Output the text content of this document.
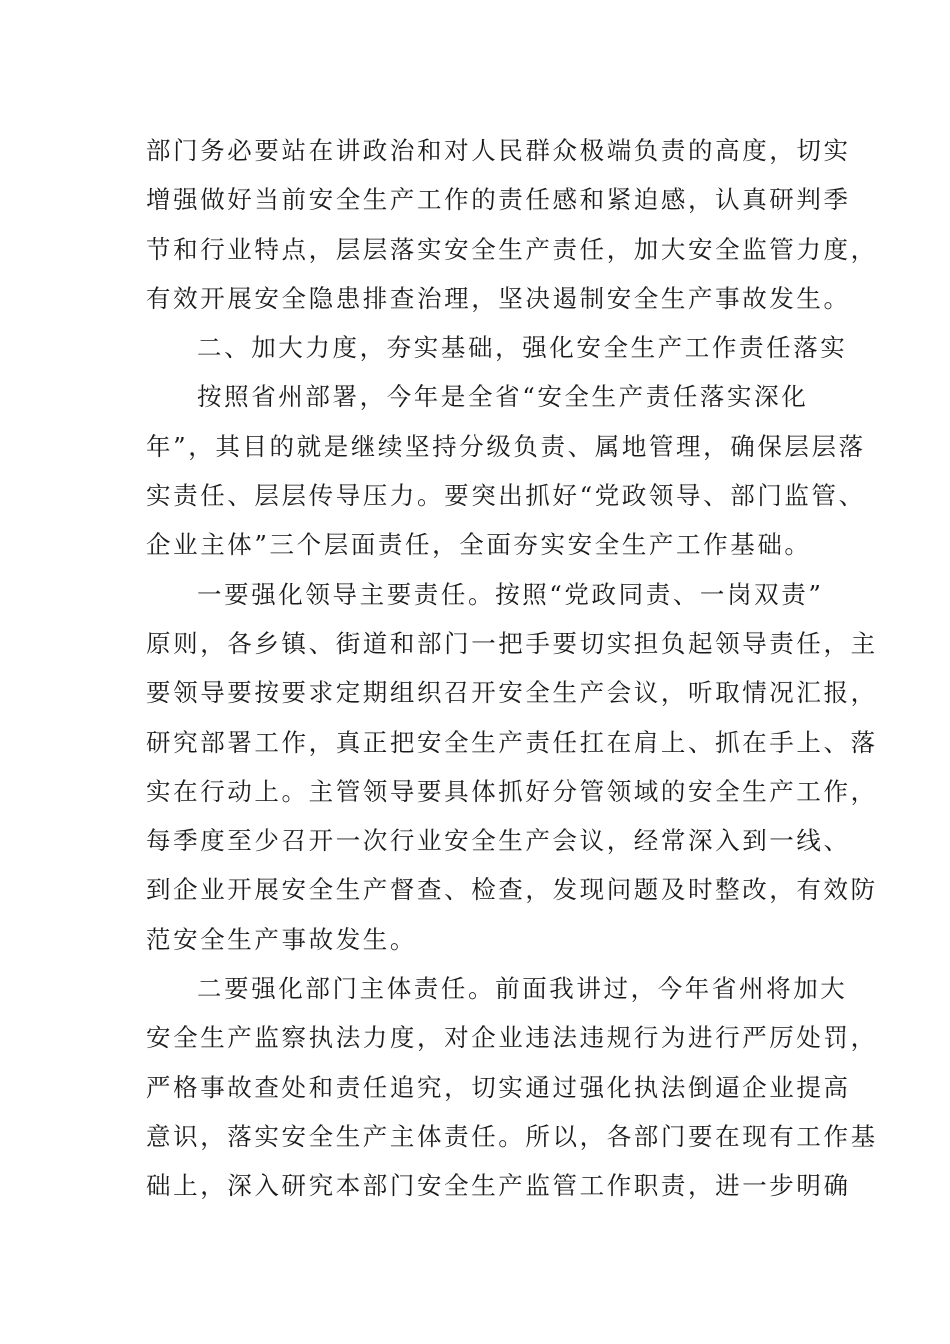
部门务必要站在讲政治和对人民群众极端负责的高度，切实
增强做好当前安全生产工作的责任感和紧迫感，认真研判季
节和行业特点，层层落实安全生产责任，加大安全监管力度，
有效开展安全隐患排查治理，坚决遏制安全生产事故发生。
二、加大力度，夯实基础，强化安全生产工作责任落实
按照省州部署，今年是全省“安全生产责任落实深化
年”，其目的就是继续坚持分级负责、属地管理，确保层层落
实责任、层层传导压力。要突出抓好“党政领导、部门监管、
企业主体”三个层面责任，全面夯实安全生产工作基础。
一要强化领导主要责任。按照“党政同责、一岗双责”
原则，各乡镇、街道和部门一把手要切实担负起领导责任，主
要领导要按要求定期组织召开安全生产会议，听取情况汇报，
研究部署工作，真正把安全生产责任扛在肩上、抓在手上、落
实在行动上。主管领导要具体抓好分管领域的安全生产工作，
每季度至少召开一次行业安全生产会议，经常深入到一线、
到企业开展安全生产督查、检查，发现问题及时整改，有效防
范安全生产事故发生。
二要强化部门主体责任。前面我讲过，今年省州将加大
安全生产监察执法力度，对企业违法违规行为进行严厉处罚，
严格事故查处和责任追究，切实通过强化执法倒逼企业提高
意识，落实安全生产主体责任。所以，各部门要在现有工作基
础上，深入研究本部门安全生产监管工作职责，进一步明确
